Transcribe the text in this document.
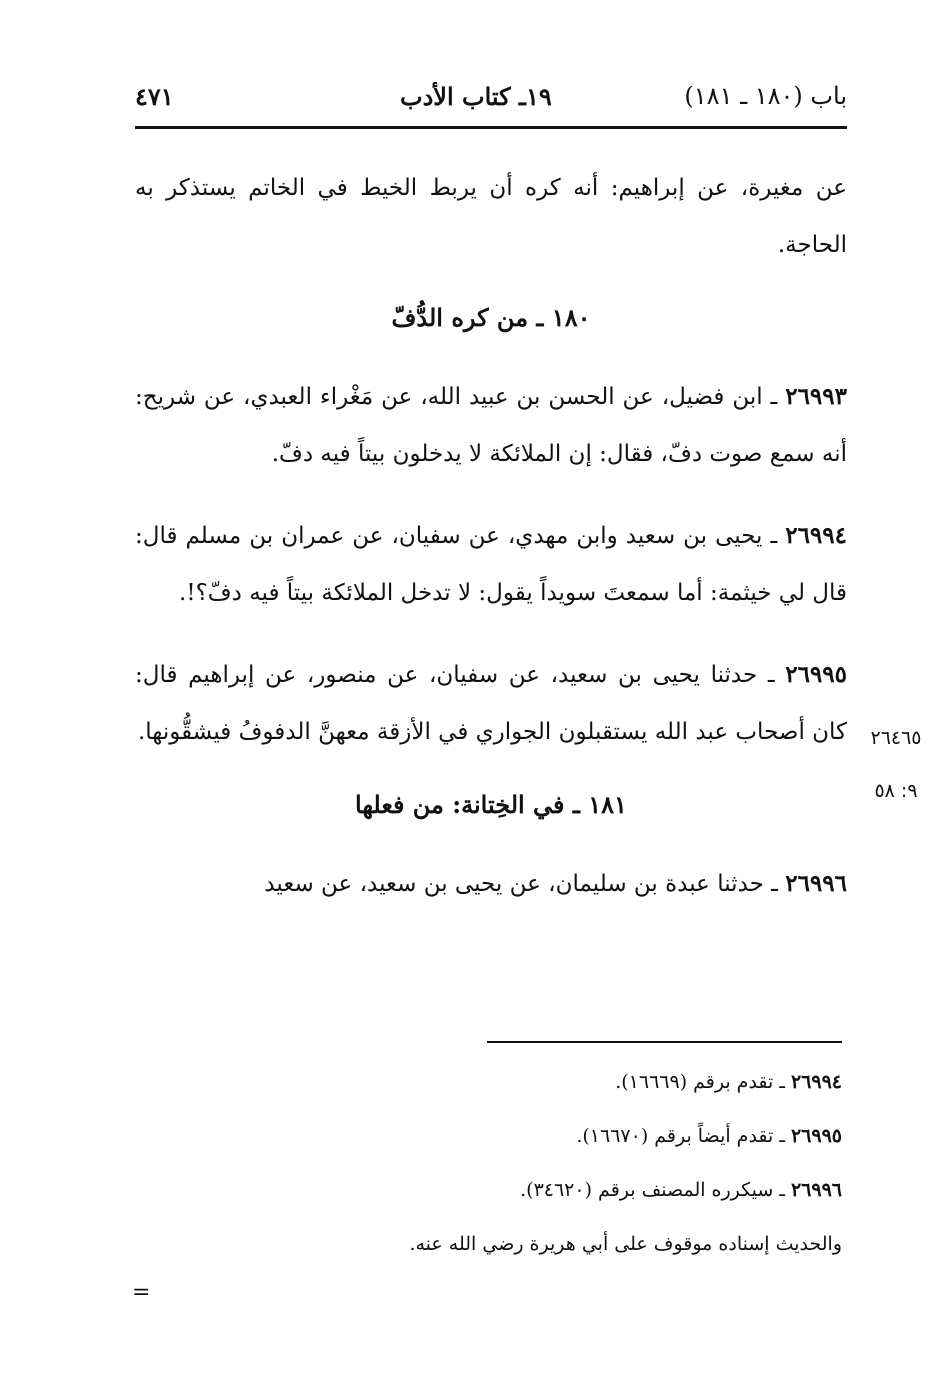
باب (١٨٠ ـ ١٨١)
١٩ـ كتاب الأدب
٤٧١

عن مغيرة، عن إبراهيم: أنه كره أن يربط الخيط في الخاتم يستذكر به الحاجة.

١٨٠ ـ من كره الدُّفّ

٢٦٩٩٣ ـ ابن فضيل، عن الحسن بن عبيد الله، عن مَغْراء العبدي، عن شريح: أنه سمع صوت دفّ، فقال: إن الملائكة لا يدخلون بيتاً فيه دفّ.

٢٦٩٩٤ ـ يحيى بن سعيد وابن مهدي، عن سفيان، عن عمران بن مسلم قال: قال لي خيثمة: أما سمعتَ سويداً يقول: لا تدخل الملائكة بيتاً فيه دفّ؟!.

٢٦٩٩٥ ـ حدثنا يحيى بن سعيد، عن سفيان، عن منصور، عن إبراهيم قال: كان أصحاب عبد الله يستقبلون الجواري في الأزقة معهنَّ الدفوفُ فيشقُّونها.

١٨١ ـ في الخِتانة: من فعلها

٢٦٩٩٦ ـ حدثنا عبدة بن سليمان، عن يحيى بن سعيد، عن سعيد

٢٦٤٦٥
٩: ٥٨

٢٦٩٩٤ ـ تقدم برقم (١٦٦٦٩).

٢٦٩٩٥ ـ تقدم أيضاً برقم (١٦٦٧٠).

٢٦٩٩٦ ـ سيكرره المصنف برقم (٣٤٦٢٠).

والحديث إسناده موقوف على أبي هريرة رضي الله عنه.

=
